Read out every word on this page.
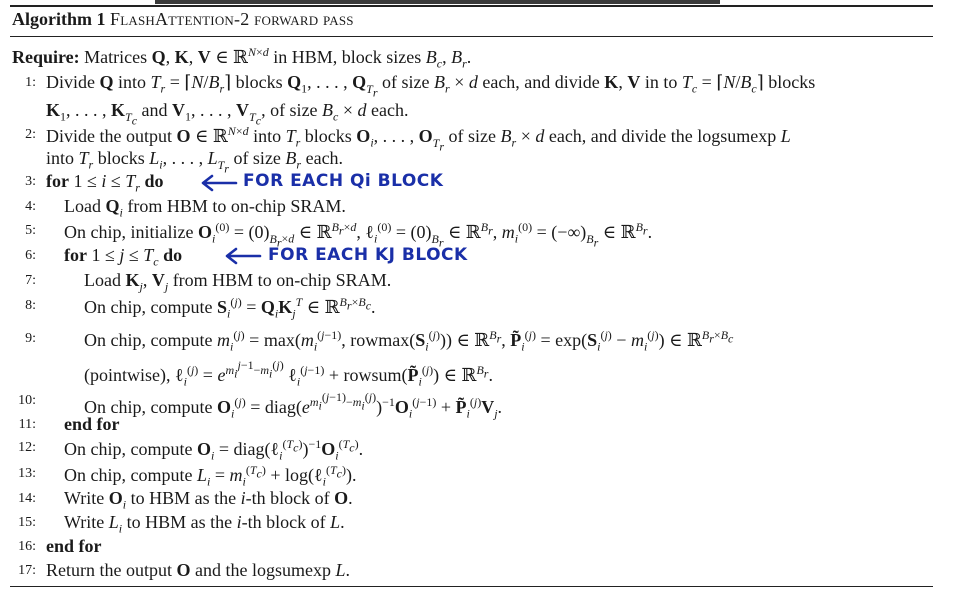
Algorithm 1 FlashAttention-2 forward pass
Require: Matrices Q, K, V ∈ ℝ$^{N\times d}$ in HBM, block sizes $B_c$, $B_r$.
1: Divide Q into $T_r$ = $⌈N/B_r⌉$ blocks $Q_1$, . . . , $Q_{T_r}$ of size $B_r \times d$ each, and divide K, V in to $T_c$ = $⌈N/B_c⌉$ blocks
$K_1$, . . . , $K_{T_c}$ and $V_1$, . . . , $V_{T_c}$, of size $B_c \times d$ each.
2: Divide the output O ∈ ℝ$^{N\times d}$ into $T_r$ blocks $O_i$, . . . , $O_{T_r}$ of size $B_r \times d$ each, and divide the logsumexp L
into $T_r$ blocks $L_i$, . . . , $L_{T_r}$ of size $B_r$ each.
3: for $1 \le i \le T_r$ do	FOR EACH Qi BLOCK
4: Load $Q_i$ from HBM to on-chip SRAM.
5: On chip, initialize $O_i^{(0)} = (0)_{B_r\times d}$ ∈ ℝ$^{B_r\times d}$, ℓ$_i^{(0)}$ = $(0)_{B_r}$ ∈ ℝ$^{B_r}$, $m_i^{(0)} = (-\infty)_{B_r}$ ∈ ℝ$^{B_r}$.
6: for $1 \le j \le T_c$ do	FOR EACH KJ BLOCK
7:	Load $K_j$, $V_j$ from HBM to on-chip SRAM.
8:	On chip, compute $S_i^{(j)} = Q_iK_j^T$ ∈ ℝ$^{B_r\times B_c}$.
9:	On chip, compute $m_i^{(j)} = \max(m_i^{(j-1)}$, $rowmax(S_i^{(j)})$) ∈ ℝ$^{B_r}$, $P̃_i^{(j)} = \exp(S_i^{(j)} - m_i^{(j)})$ ∈ ℝ$^{B_r\times B_c}$
(pointwise), ℓ$_i^{(j)}$ = $e^{m_i^{j-1}-m_i^{(j)}}$ ℓ$_i^{(j-1)}$ + $rowsum(P̃_i^{(j)})$ ∈ ℝ$^{B_r}$.
10:	On chip, compute $O_i^{(j)}$ = $diag(e^{m_i^{(j-1)}-m_i^{(j)}})^{-1}O_i^{(j-1)}$ + $P̃_i^{(j)}V_j$.
11: end for
12: On chip, compute $O_i$ = $diag(\ell_i^{(T_c)})^{-1}O_i^{(T_c)}$.
13: On chip, compute $L_i = m_i^{(T_c)}$ + log(ℓ$_i^{(T_c)}$).
14: Write $O_i$ to HBM as the i-th block of O.
15: Write $L_i$ to HBM as the i-th block of L.
16: end for
17: Return the output O and the logsumexp L.
